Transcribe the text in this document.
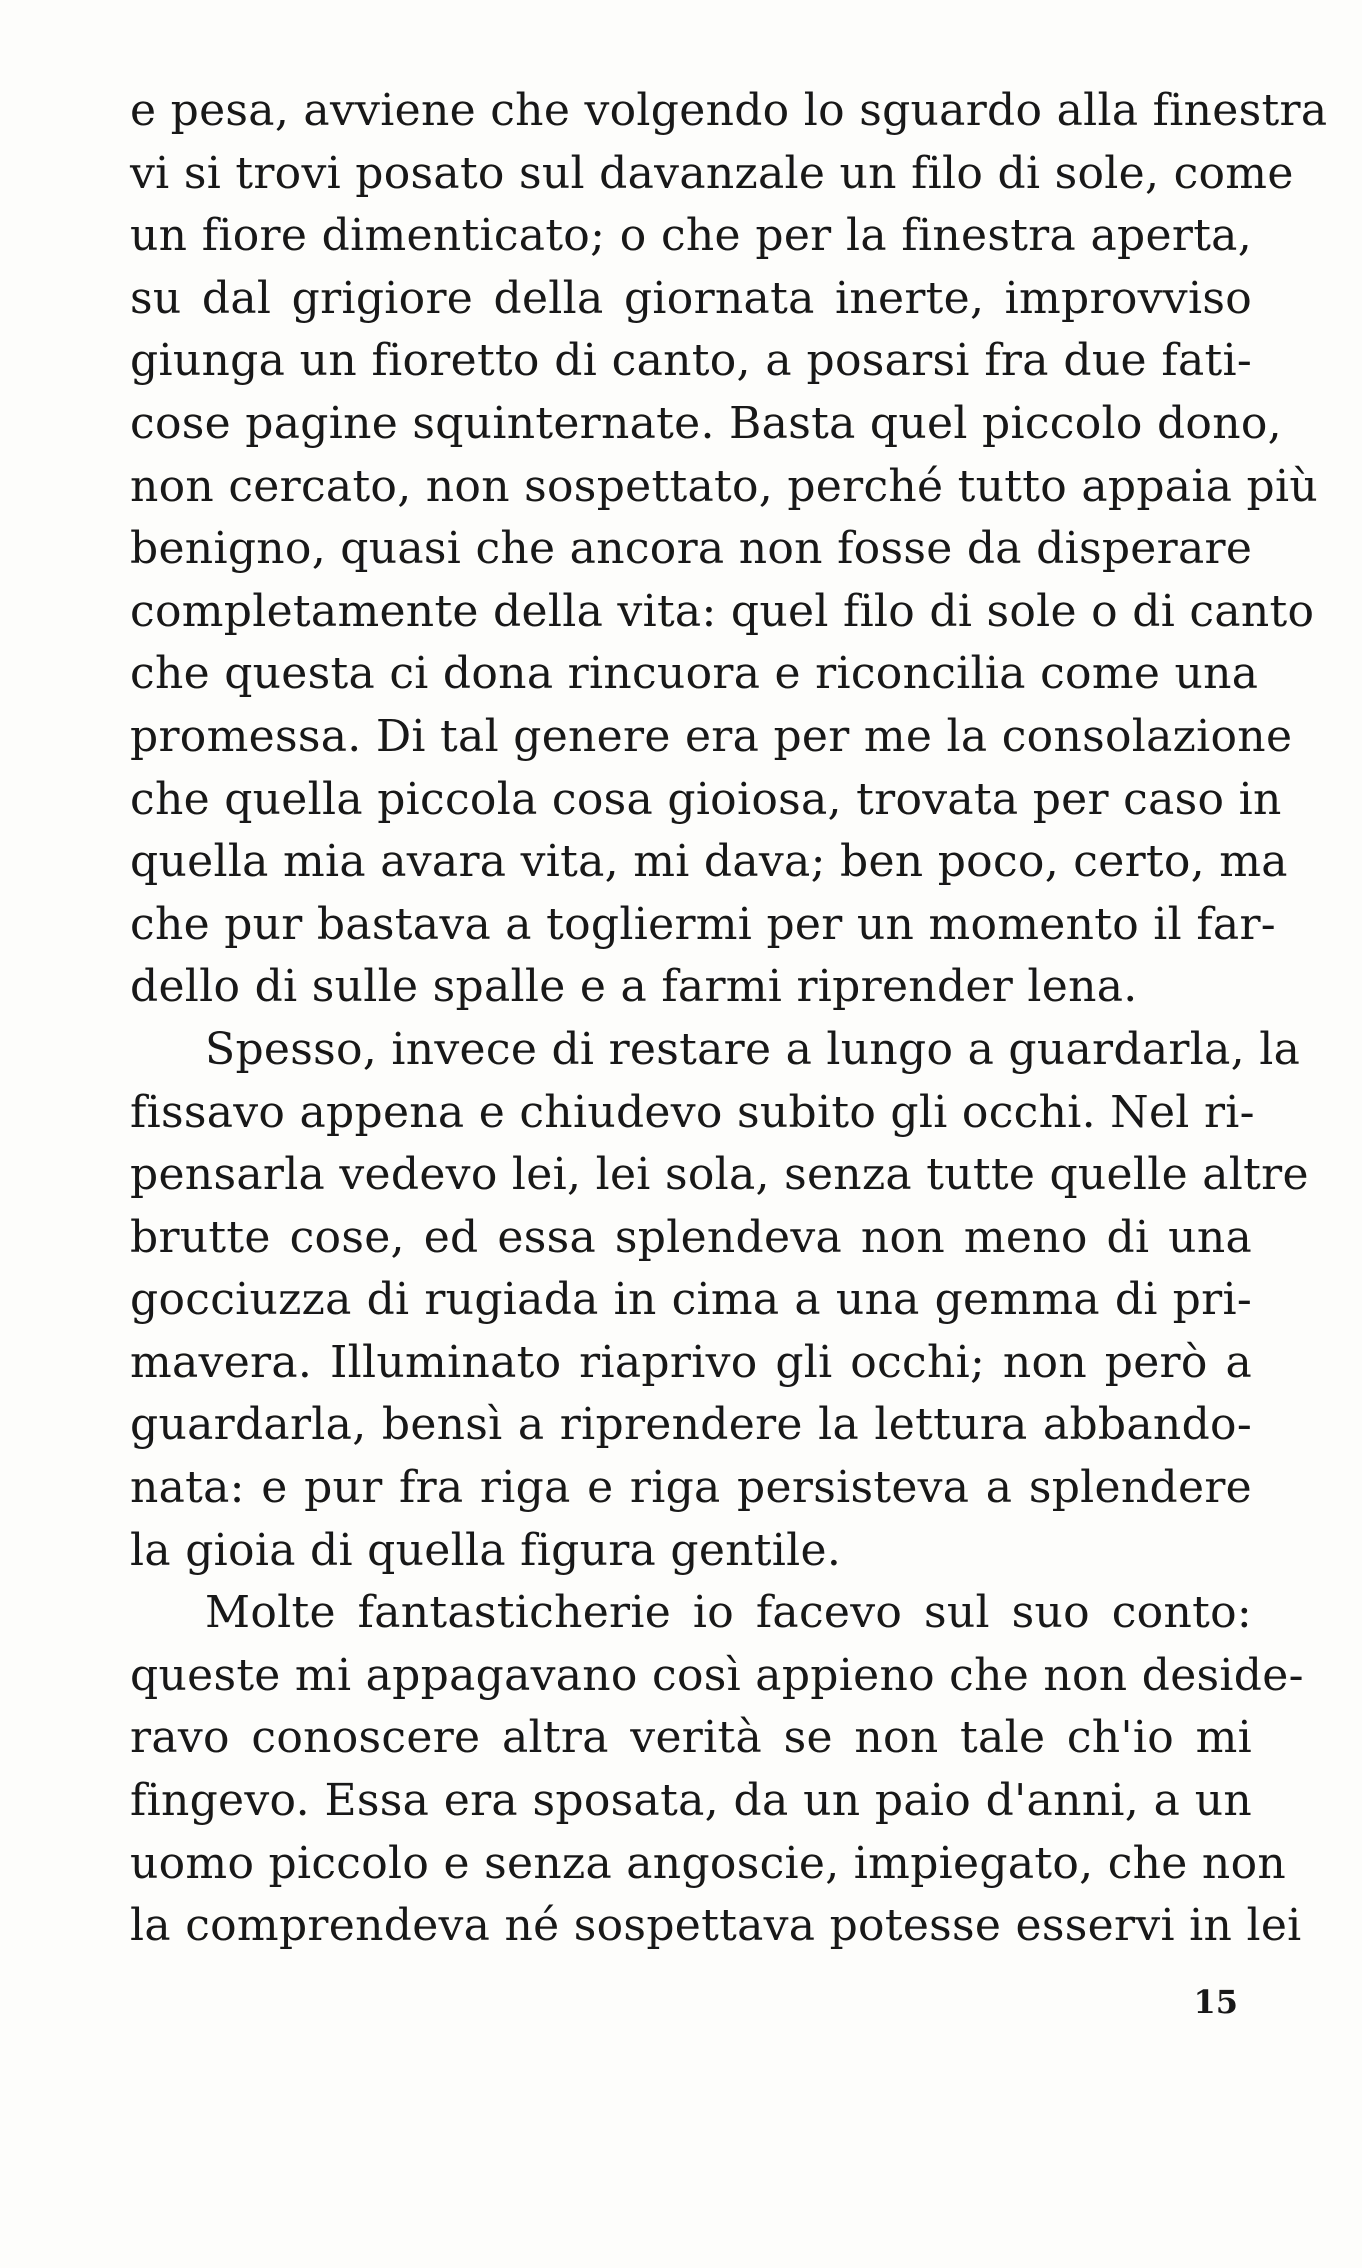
e pesa, avviene che volgendo lo sguardo alla finestra
vi si trovi posato sul davanzale un filo di sole, come
un fiore dimenticato; o che per la finestra aperta,
su dal grigiore della giornata inerte, improvviso
giunga un fioretto di canto, a posarsi fra due fati-
cose pagine squinternate. Basta quel piccolo dono,
non cercato, non sospettato, perché tutto appaia più
benigno, quasi che ancora non fosse da disperare
completamente della vita: quel filo di sole o di canto
che questa ci dona rincuora e riconcilia come una
promessa. Di tal genere era per me la consolazione
che quella piccola cosa gioiosa, trovata per caso in
quella mia avara vita, mi dava; ben poco, certo, ma
che pur bastava a togliermi per un momento il far-
dello di sulle spalle e a farmi riprender lena.
Spesso, invece di restare a lungo a guardarla, la
fissavo appena e chiudevo subito gli occhi. Nel ri-
pensarla vedevo lei, lei sola, senza tutte quelle altre
brutte cose, ed essa splendeva non meno di una
gocciuzza di rugiada in cima a una gemma di pri-
mavera. Illuminato riaprivo gli occhi; non però a
guardarla, bensì a riprendere la lettura abbando-
nata: e pur fra riga e riga persisteva a splendere
la gioia di quella figura gentile.
Molte fantasticherie io facevo sul suo conto:
queste mi appagavano così appieno che non deside-
ravo conoscere altra verità se non tale ch'io mi
fingevo. Essa era sposata, da un paio d'anni, a un
uomo piccolo e senza angoscie, impiegato, che non
la comprendeva né sospettava potesse esservi in lei
15
